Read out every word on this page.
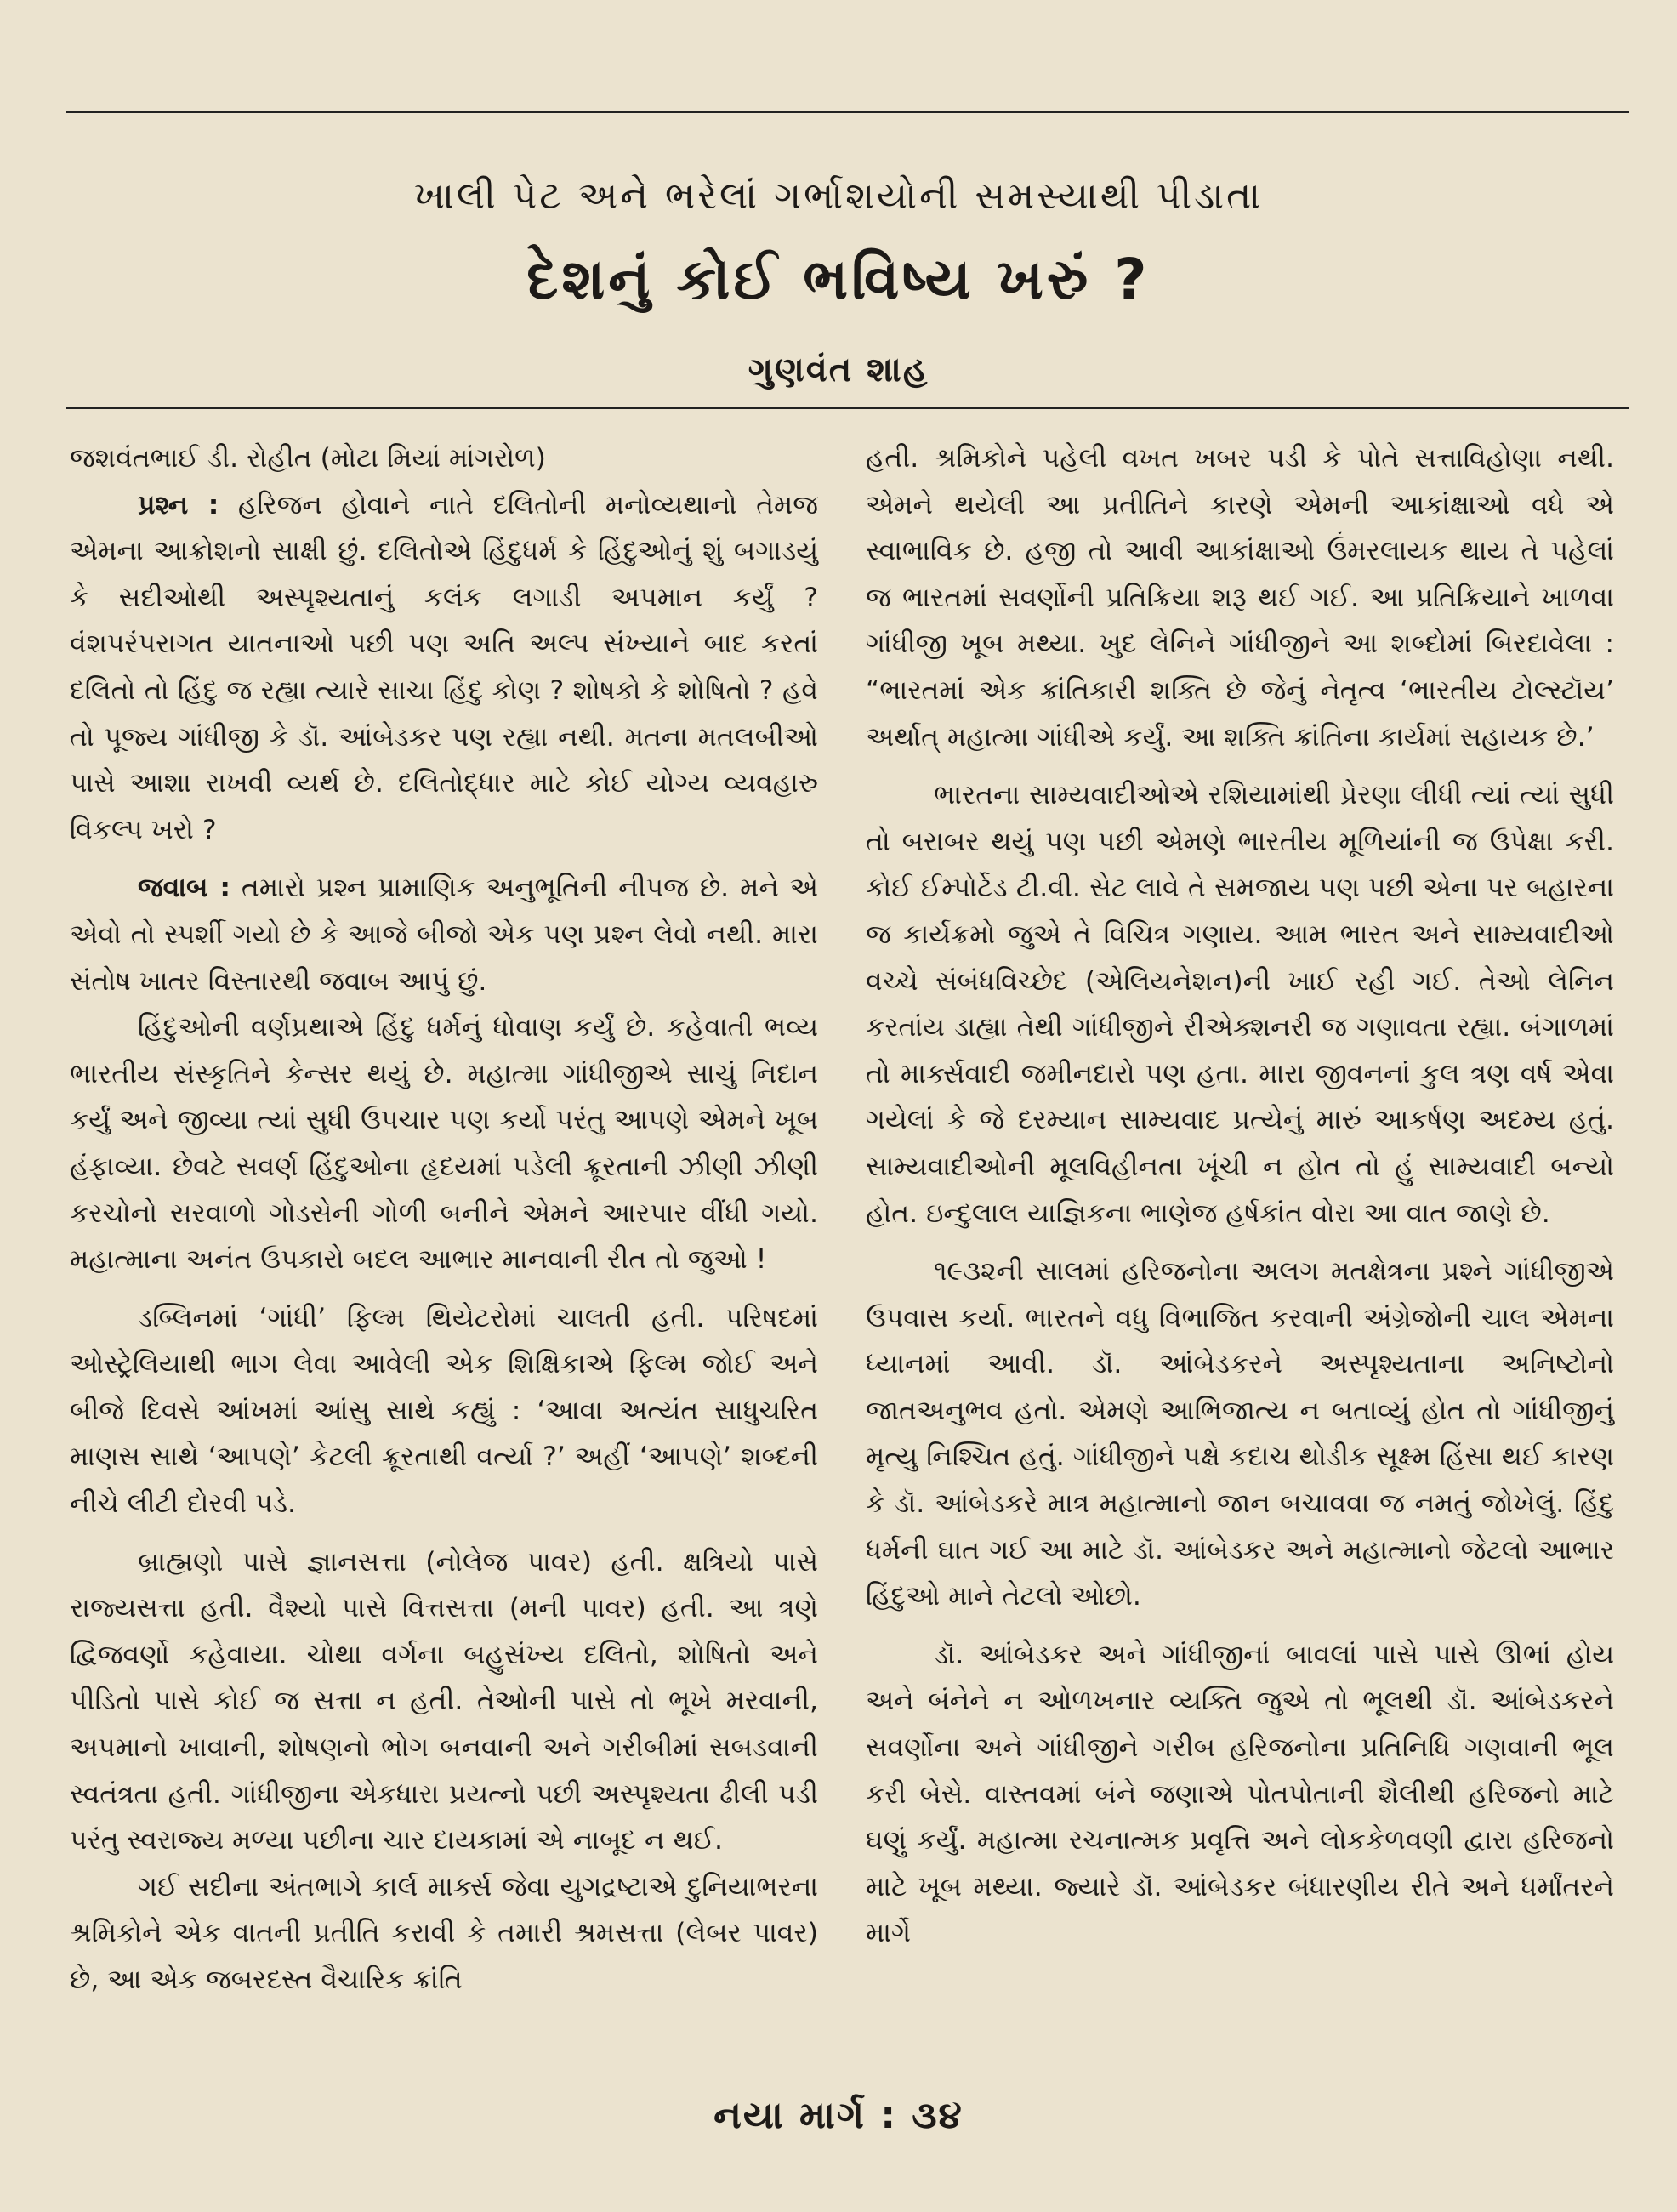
ખાલી પેટ અને ભરેલાં ગર્ભાશયોની સમસ્યાથી પીડાતા
દેશનું કોઈ ભવિષ્ય ખરું ?
ગુણવંત શાહ

જશવંતભાઈ ડી. રોહીત (મોટા મિયાં માંગરોળ)

પ્રશ્ન : હરિજન હોવાને નાતે દલિતોની મનોવ્યથાનો તેમજ એમના આક્રોશનો સાક્ષી છું. દલિતોએ હિંદુધર્મ કે હિંદુઓનું શું બગાડયું કે સદીઓથી અસ્પૃશ્યતાનું કલંક લગાડી અપમાન કર્યું ? વંશપરંપરાગત યાતનાઓ પછી પણ અતિ અલ્પ સંખ્યાને બાદ કરતાં દલિતો તો હિંદુ જ રહ્યા ત્યારે સાચા હિંદુ કોણ ? શોષકો કે શોષિતો ? હવે તો પૂજ્ય ગાંધીજી કે ડૉ. આંબેડકર પણ રહ્યા નથી. મતના મતલબીઓ પાસે આશા રાખવી વ્યર્થ છે. દલિતોદ્ધાર માટે કોઈ યોગ્ય વ્યવહારુ વિકલ્પ ખરો ?

જવાબ : તમારો પ્રશ્ન પ્રામાણિક અનુભૂતિની નીપજ છે. મને એ એવો તો સ્પર્શી ગયો છે કે આજે બીજો એક પણ પ્રશ્ન લેવો નથી. મારા સંતોષ ખાતર વિસ્તારથી જવાબ આપું છું.

હિંદુઓની વર્ણપ્રથાએ હિંદુ ધર્મનું ધોવાણ કર્યું છે. કહેવાતી ભવ્ય ભારતીય સંસ્કૃતિને કેન્સર થયું છે. મહાત્મા ગાંધીજીએ સાચું નિદાન કર્યું અને જીવ્યા ત્યાં સુધી ઉપચાર પણ કર્યો પરંતુ આપણે એમને ખૂબ હંફાવ્યા. છેવટે સવર્ણ હિંદુઓના હૃદયમાં પડેલી ક્રૂરતાની ઝીણી ઝીણી કરચોનો સરવાળો ગોડસેની ગોળી બનીને એમને આરપાર વીંધી ગયો. મહાત્માના અનંત ઉપકારો બદલ આભાર માનવાની રીત તો જુઓ !

ડબ્લિનમાં ‘ગાંધી’ ફિલ્મ થિયેટરોમાં ચાલતી હતી. પરિષદમાં ઓસ્ટ્રેલિયાથી ભાગ લેવા આવેલી એક શિક્ષિકાએ ફિલ્મ જોઈ અને બીજે દિવસે આંખમાં આંસુ સાથે કહ્યું : ‘આવા અત્યંત સાધુચરિત માણસ સાથે ‘આપણે’ કેટલી ક્રૂરતાથી વર્ત્યા ?’ અહીં ‘આપણે’ શબ્દની નીચે લીટી દોરવી પડે.

બ્રાહ્મણો પાસે જ્ઞાનસત્તા (નોલેજ પાવર) હતી. ક્ષત્રિયો પાસે રાજ્યસત્તા હતી. વૈશ્યો પાસે વિત્તસત્તા (મની પાવર) હતી. આ ત્રણે દ્વિજવર્ણો કહેવાયા. ચોથા વર્ગના બહુસંખ્ય દલિતો, શોષિતો અને પીડિતો પાસે કોઈ જ સત્તા ન હતી. તેઓની પાસે તો ભૂખે મરવાની, અપમાનો ખાવાની, શોષણનો ભોગ બનવાની અને ગરીબીમાં સબડવાની સ્વતંત્રતા હતી. ગાંધીજીના એકધારા પ્રયત્નો પછી અસ્પૃશ્યતા ઢીલી પડી પરંતુ સ્વરાજ્ય મળ્યા પછીના ચાર દાયકામાં એ નાબૂદ ન થઈ.

ગઈ સદીના અંતભાગે કાર્લ માર્ક્સ જેવા યુગદ્રષ્ટાએ દુનિયાભરના શ્રમિકોને એક વાતની પ્રતીતિ કરાવી કે તમારી શ્રમસત્તા (લેબર પાવર) છે, આ એક જબરદસ્ત વૈચારિક ક્રાંતિ

હતી. શ્રમિકોને પહેલી વખત ખબર પડી કે પોતે સત્તાવિહોણા નથી. એમને થયેલી આ પ્રતીતિને કારણે એમની આકાંક્ષાઓ વધે એ સ્વાભાવિક છે. હજી તો આવી આકાંક્ષાઓ ઉંમરલાયક થાય તે પહેલાં જ ભારતમાં સવર્ણોની પ્રતિક્રિયા શરૂ થઈ ગઈ. આ પ્રતિક્રિયાને ખાળવા ગાંધીજી ખૂબ મથ્યા. ખુદ લેનિને ગાંધીજીને આ શબ્દોમાં બિરદાવેલા : “ભારતમાં એક ક્રાંતિકારી શક્તિ છે જેનું નેતૃત્વ ‘ભારતીય ટોલ્સ્ટૉય’ અર્થાત્ મહાત્મા ગાંધીએ કર્યું. આ શક્તિ ક્રાંતિના કાર્યમાં સહાયક છે.’

ભારતના સામ્યવાદીઓએ રશિયામાંથી પ્રેરણા લીધી ત્યાં ત્યાં સુધી તો બરાબર થયું પણ પછી એમણે ભારતીય મૂળિયાંની જ ઉપેક્ષા કરી. કોઈ ઈમ્પોર્ટેડ ટી.વી. સેટ લાવે તે સમજાય પણ પછી એના પર બહારના જ કાર્યક્રમો જુએ તે વિચિત્ર ગણાય. આમ ભારત અને સામ્યવાદીઓ વચ્ચે સંબંધવિચ્છેદ (એલિયનેશન)ની ખાઈ રહી ગઈ. તેઓ લેનિન કરતાંય ડાહ્યા તેથી ગાંધીજીને રીએક્શનરી જ ગણાવતા રહ્યા. બંગાળમાં તો માર્ક્સવાદી જમીનદારો પણ હતા. મારા જીવનનાં કુલ ત્રણ વર્ષ એવા ગયેલાં કે જે દરમ્યાન સામ્યવાદ પ્રત્યેનું મારું આકર્ષણ અદમ્ય હતું. સામ્યવાદીઓની મૂલવિહીનતા ખૂંચી ન હોત તો હું સામ્યવાદી બન્યો હોત. ઇન્દુલાલ યાજ્ઞિકના ભાણેજ હર્ષકાંત વોરા આ વાત જાણે છે.

૧૯૩૨ની સાલમાં હરિજનોના અલગ મતક્ષેત્રના પ્રશ્ને ગાંધીજીએ ઉપવાસ કર્યા. ભારતને વધુ વિભાજિત કરવાની અંગ્રેજોની ચાલ એમના ધ્યાનમાં આવી. ડૉ. આંબેડકરને અસ્પૃશ્યતાના અનિષ્ટોનો જાતઅનુભવ હતો. એમણે આભિજાત્ય ન બતાવ્યું હોત તો ગાંધીજીનું મૃત્યુ નિશ્ચિત હતું. ગાંધીજીને પક્ષે કદાચ થોડીક સૂક્ષ્મ હિંસા થઈ કારણ કે ડૉ. આંબેડકરે માત્ર મહાત્માનો જાન બચાવવા જ નમતું જોખેલું. હિંદુ ધર્મની ઘાત ગઈ આ માટે ડૉ. આંબેડકર અને મહાત્માનો જેટલો આભાર હિંદુઓ માને તેટલો ઓછો.

ડૉ. આંબેડકર અને ગાંધીજીનાં બાવલાં પાસે પાસે ઊભાં હોય અને બંનેને ન ઓળખનાર વ્યક્તિ જુએ તો ભૂલથી ડૉ. આંબેડકરને સવર્ણોના અને ગાંધીજીને ગરીબ હરિજનોના પ્રતિનિધિ ગણવાની ભૂલ કરી બેસે. વાસ્તવમાં બંને જણાએ પોતપોતાની શૈલીથી હરિજનો માટે ઘણું કર્યું. મહાત્મા રચનાત્મક પ્રવૃત્તિ અને લોકકેળવણી દ્વારા હરિજનો માટે ખૂબ મથ્યા. જ્યારે ડૉ. આંબેડકર બંધારણીય રીતે અને ધર્માંતરને માર્ગે

નયા માર્ગ : ૩૪
